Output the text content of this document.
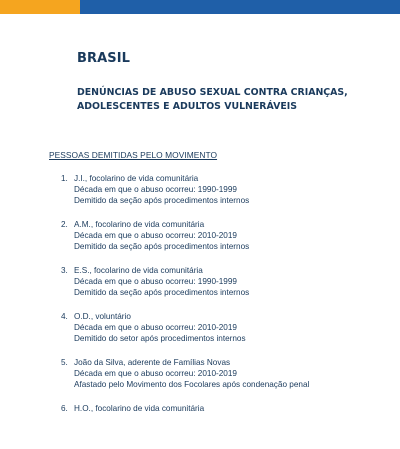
BRASIL
DENÚNCIAS DE ABUSO SEXUAL CONTRA CRIANÇAS,
ADOLESCENTES E ADULTOS VULNERÁVEIS
PESSOAS DEMITIDAS PELO MOVIMENTO
1. J.I., focolarino de vida comunitária
Década em que o abuso ocorreu: 1990-1999
Demitido da seção após procedimentos internos
2. A.M., focolarino de vida comunitária
Década em que o abuso ocorreu: 2010-2019
Demitido da seção após procedimentos internos
3. E.S., focolarino de vida comunitária
Década em que o abuso ocorreu: 1990-1999
Demitido da seção após procedimentos internos
4. O.D., voluntário
Década em que o abuso ocorreu: 2010-2019
Demitido do setor após procedimentos internos
5. João da Silva, aderente de Famílias Novas
Década em que o abuso ocorreu: 2010-2019
Afastado pelo Movimento dos Focolares após condenação penal
6. H.O., focolarino de vida comunitária
